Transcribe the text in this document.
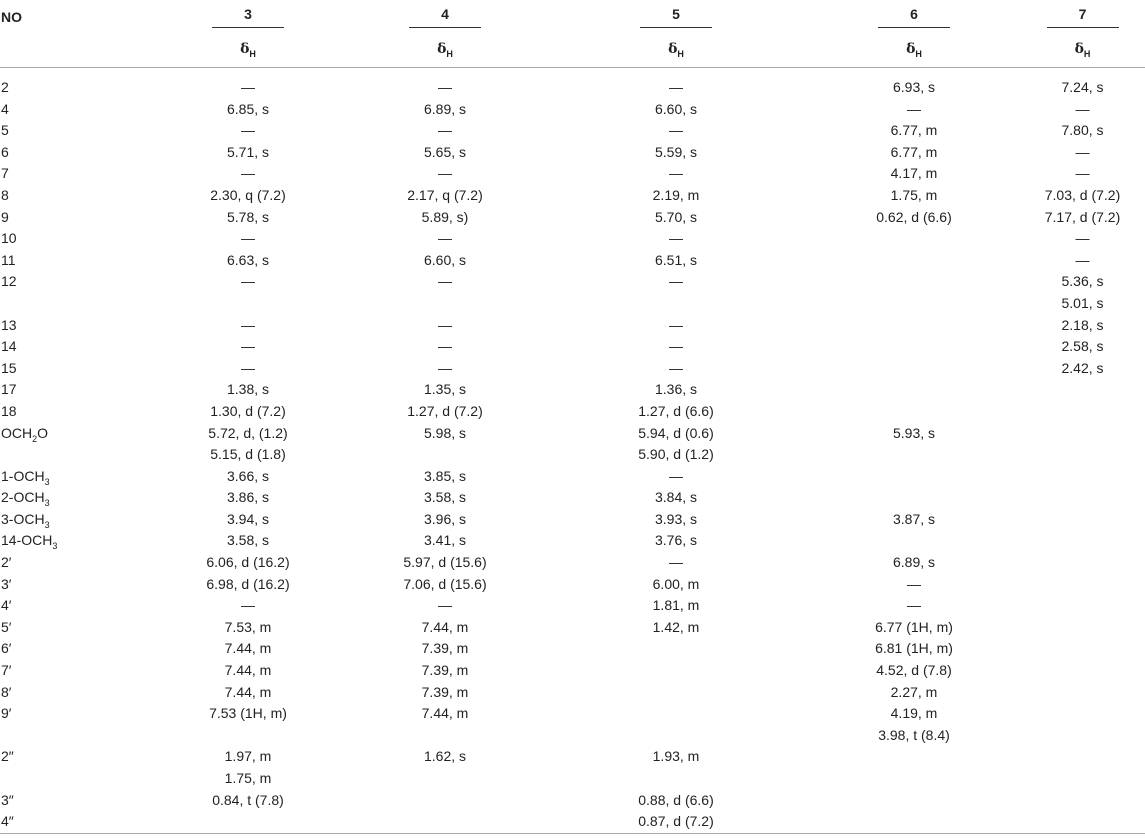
NO	3	4	5	6	7
	$\delta_H$	$\delta_H$	$\delta_H$	$\delta_H$	$\delta_H$

2	—	—	—	6.93, s	7.24, s
4	6.85, s	6.89, s	6.60, s	—	—
5	—	—	—	6.77, m	7.80, s
6	5.71, s	5.65, s	5.59, s	6.77, m	—
7	—	—	—	4.17, m	—
8	2.30, q (7.2)	2.17, q (7.2)	2.19, m	1.75, m	7.03, d (7.2)
9	5.78, s	5.89, s)	5.70, s	0.62, d (6.6)	7.17, d (7.2)
10	—	—	—		—
11	6.63, s	6.60, s	6.51, s		—
12	—	—	—		5.36, s
					5.01, s
13	—	—	—		2.18, s
14	—	—	—		2.58, s
15	—	—	—		2.42, s
17	1.38, s	1.35, s	1.36, s		
18	1.30, d (7.2)	1.27, d (7.2)	1.27, d (6.6)		
$OCH_2O$	5.72, d, (1.2)	5.98, s	5.94, d (0.6)	5.93, s	
	5.15, d (1.8)		5.90, d (1.2)		
$1-OCH_3$	3.66, s	3.85, s	—		
$2-OCH_3$	3.86, s	3.58, s	3.84, s		
$3-OCH_3$	3.94, s	3.96, s	3.93, s	3.87, s	
$14-OCH_3$	3.58, s	3.41, s	3.76, s		
2′	6.06, d (16.2)	5.97, d (15.6)	—	6.89, s	
3′	6.98, d (16.2)	7.06, d (15.6)	6.00, m	—	
4′	—	—	1.81, m	—	
5′	7.53, m	7.44, m	1.42, m	6.77 (1H, m)	
6′	7.44, m	7.39, m		6.81 (1H, m)	
7′	7.44, m	7.39, m		4.52, d (7.8)	
8′	7.44, m	7.39, m		2.27, m	
9′	7.53 (1H, m)	7.44, m		4.19, m	
				3.98, t (8.4)	
2″	1.97, m	1.62, s	1.93, m		
	1.75, m				
3″	0.84, t (7.8)		0.88, d (6.6)		
4″			0.87, d (7.2)		
